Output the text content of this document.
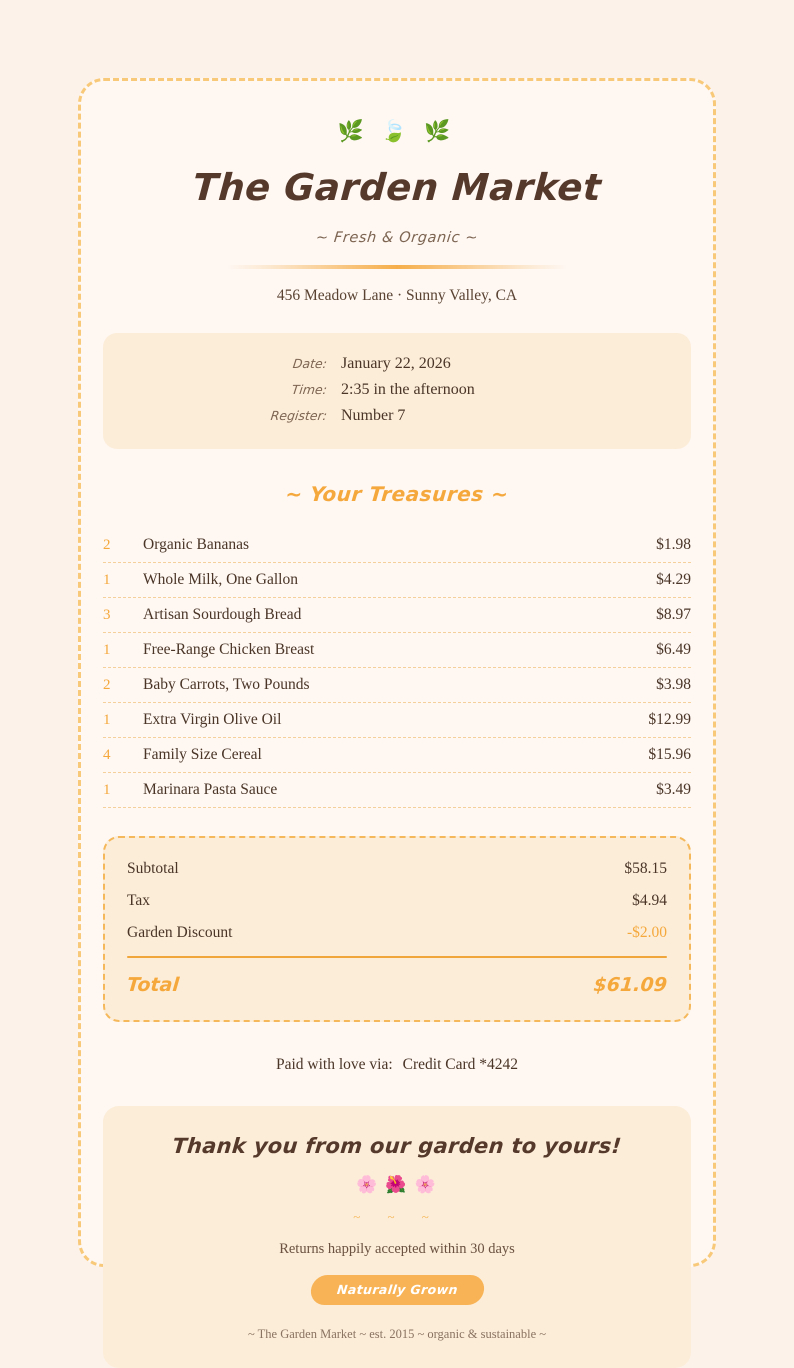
🌿 🍃 🌿
The Garden Market
~ Fresh & Organic ~
456 Meadow Lane · Sunny Valley, CA
Date: January 22, 2026
Time: 2:35 in the afternoon
Register: Number 7
~ Your Treasures ~
2	Organic Bananas	$1.98
1	Whole Milk, One Gallon	$4.29
3	Artisan Sourdough Bread	$8.97
1	Free-Range Chicken Breast	$6.49
2	Baby Carrots, Two Pounds	$3.98
1	Extra Virgin Olive Oil	$12.99
4	Family Size Cereal	$15.96
1	Marinara Pasta Sauce	$3.49
Subtotal	$58.15
Tax	$4.94
Garden Discount	-$2.00
Total	$61.09
Paid with love via: Credit Card *4242
Thank you from our garden to yours!
🌸 🌺 🌸
~ ~ ~
Returns happily accepted within 30 days
Naturally Grown
~ The Garden Market ~ est. 2015 ~ organic & sustainable ~
